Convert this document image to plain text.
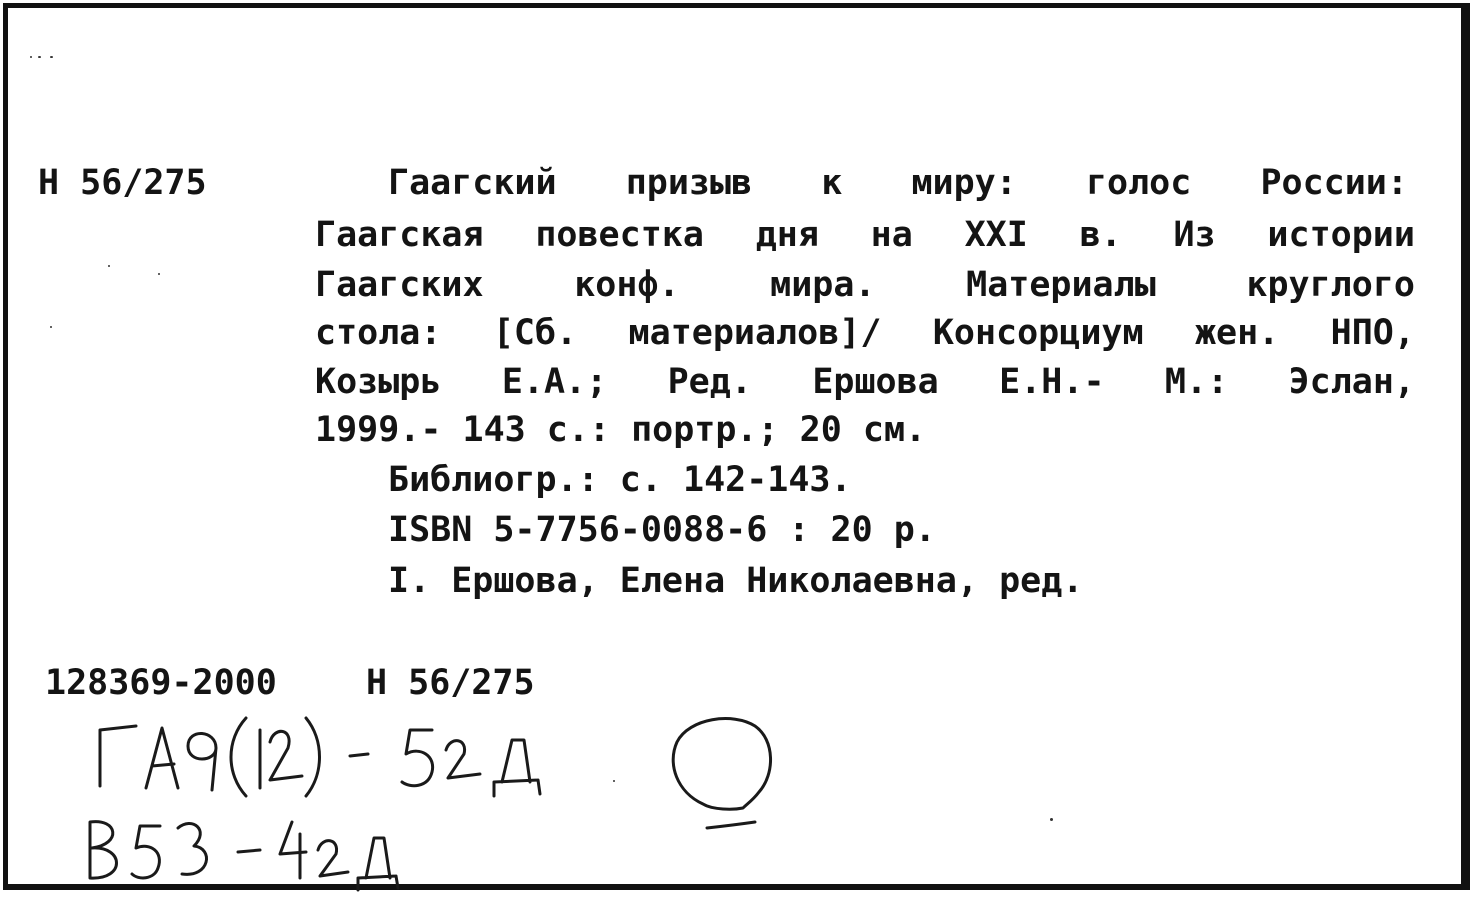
Н 56/275	Гаагский призыв к миру: голос России:
Гаагская повестка дня на XXI в. Из истории
Гаагских	конф.	мира.	Материалы	круглого
стола: [Сб. материалов]/ Консорциум жен. НПО,
Козырь Е.А.; Ред. Ершова Е.Н.- М.: Эслан,
1999.- 143 с.: портр.; 20 см.
Библиогр.: с. 142-143.
ISBN 5-7756-0088-6 : 20 р.
I. Ершова, Елена Николаевна, ред.
128369-2000	Н 56/275
